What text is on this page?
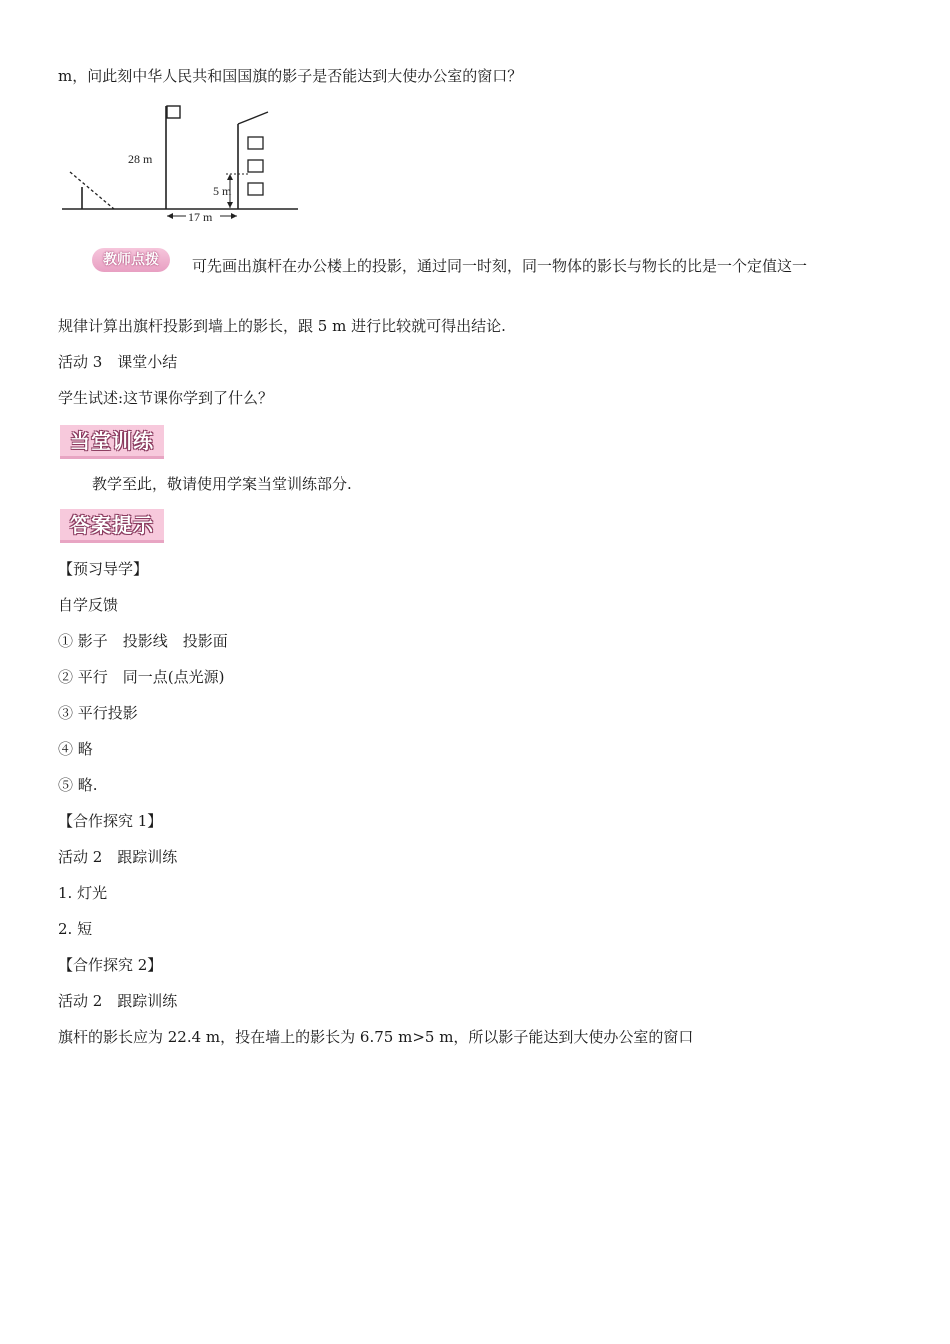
m，问此刻中华人民共和国国旗的影子是否能达到大使办公室的窗口？
5 m
28 m
17 m
教师点拨	可先画出旗杆在办公楼上的投影，通过同一时刻，同一物体的影长与物长的比是一个定值这一
规律计算出旗杆投影到墙上的影长，跟 5 m 进行比较就可得出结论.
活动 3　课堂小结
学生试述:这节课你学到了什么？
当堂训练
教学至此，敬请使用学案当堂训练部分.
答案提示
【预习导学】
自学反馈
① 影子　投影线　投影面
② 平行　同一点(点光源)
③ 平行投影
④ 略
⑤ 略.
【合作探究 1】
活动 2　跟踪训练
1. 灯光
2. 短
【合作探究 2】
活动 2　跟踪训练
旗杆的影长应为 22.4 m，投在墙上的影长为 6.75 m>5 m，所以影子能达到大使办公室的窗口
